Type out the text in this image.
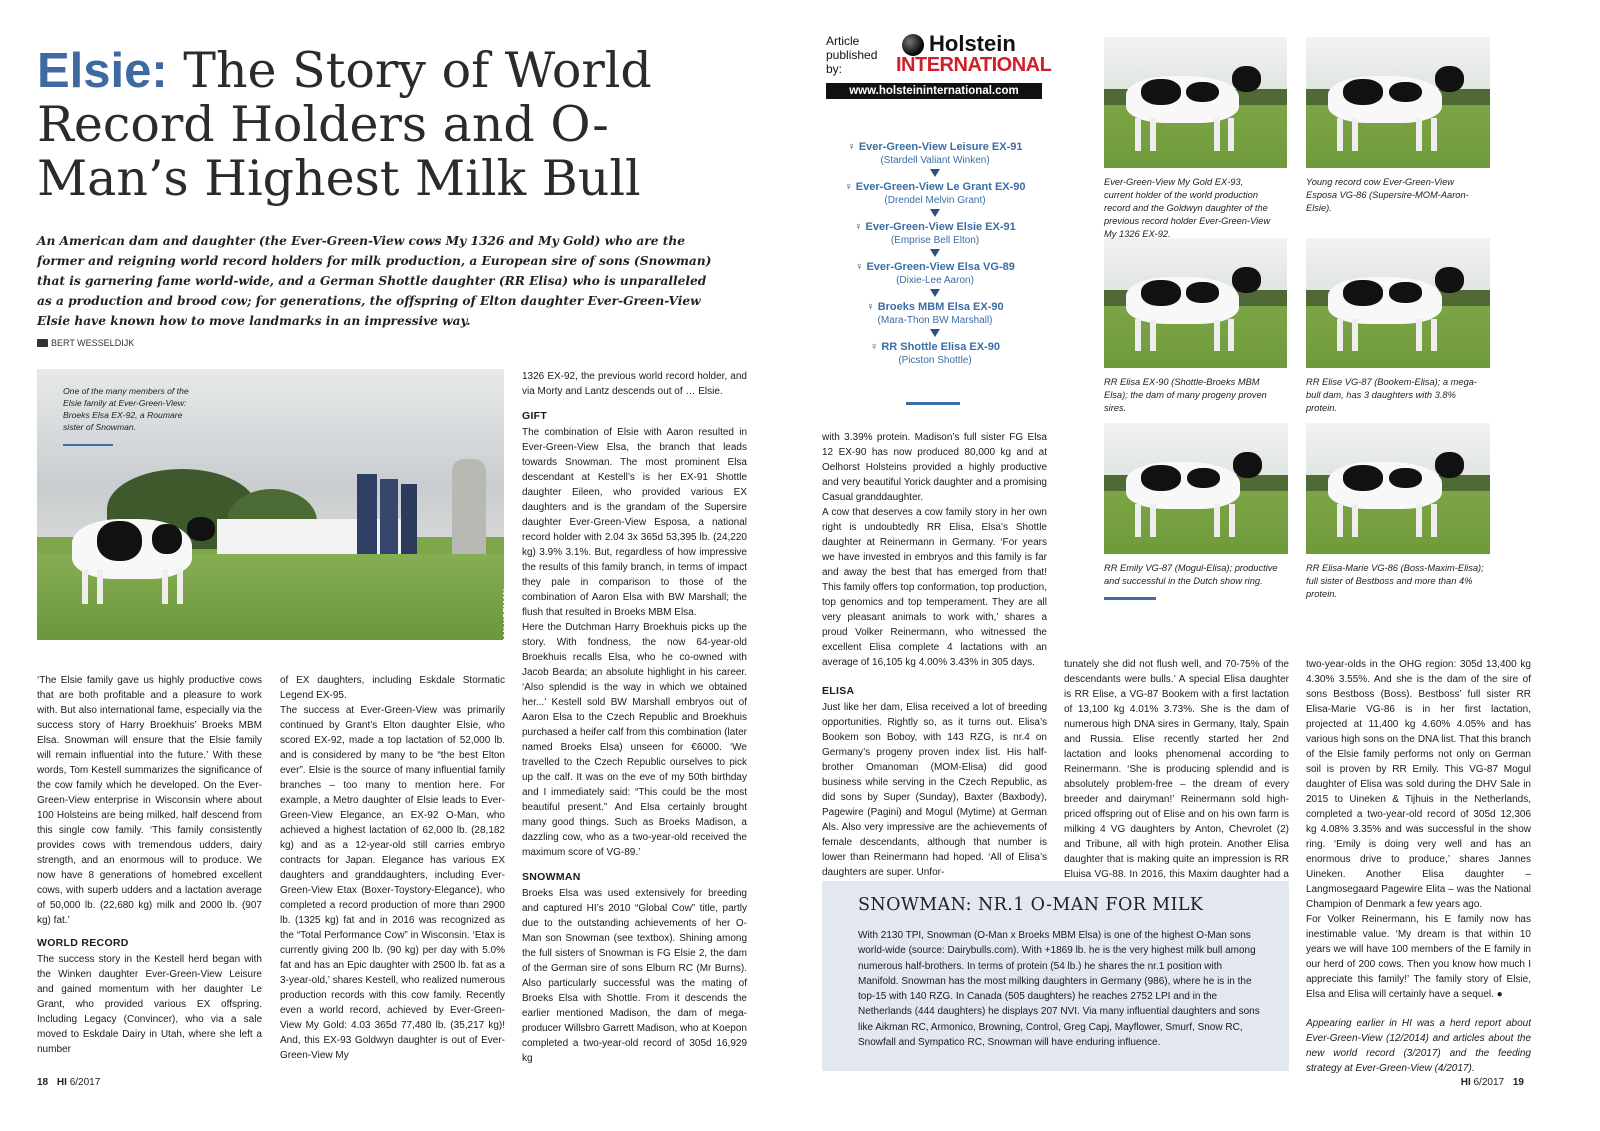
Elsie: The Story of World Record Holders and O-Man’s Highest Milk Bull

An American dam and daughter (the Ever-Green-View cows My 1326 and My Gold) who are the former and reigning world record holders for milk production, a European sire of sons (Snowman) that is garnering fame world-wide, and a German Shottle daughter (RR Elisa) who is unparalleled as a production and brood cow; for generations, the offspring of Elton daughter Ever-Green-View Elsie have known how to move landmarks in an impressive way.

BERT WESSELDIJK

One of the many members of the Elsie family at Ever-Green-View: Broeks Elsa EX-92, a Roumare sister of Snowman.

HAN HOPMAN

‘The Elsie family gave us highly productive cows that are both profitable and a pleasure to work with. But also international fame, especially via the success story of Harry Broekhuis’ Broeks MBM Elsa. Snowman will ensure that the Elsie family will remain influential into the future.’ With these words, Tom Kestell summarizes the significance of the cow family which he developed. On the Ever-Green-View enterprise in Wisconsin where about 100 Holsteins are being milked, half descend from this single cow family. ‘This family consistently provides cows with tremendous udders, dairy strength, and an enormous will to produce. We now have 8 generations of homebred excellent cows, with superb udders and a lactation average of 50,000 lb. (22,680 kg) milk and 2000 lb. (907 kg) fat.’

WORLD RECORD

The success story in the Kestell herd began with the Winken daughter Ever-Green-View Leisure and gained momentum with her daughter Le Grant, who provided various EX offspring. Including Legacy (Convincer), who via a sale moved to Eskdale Dairy in Utah, where she left a number

of EX daughters, including Eskdale Stormatic Legend EX-95.

The success at Ever-Green-View was primarily continued by Grant’s Elton daughter Elsie, who scored EX-92, made a top lactation of 52,000 lb. and is considered by many to be “the best Elton ever”. Elsie is the source of many influential family branches – too many to mention here. For example, a Metro daughter of Elsie leads to Ever-Green-View Elegance, an EX-92 O-Man, who achieved a highest lactation of 62,000 lb. (28,182 kg) and as a 12-year-old still carries embryo contracts for Japan. Elegance has various EX daughters and granddaughters, including Ever-Green-View Etax (Boxer-Toystory-Elegance), who completed a record production of more than 2900 lb. (1325 kg) fat and in 2016 was recognized as the “Total Performance Cow” in Wisconsin. ‘Etax is currently giving 200 lb. (90 kg) per day with 5.0% fat and has an Epic daughter with 2500 lb. fat as a 3-year-old,’ shares Kestell, who realized numerous production records with this cow family. Recently even a world record, achieved by Ever-Green-View My Gold: 4.03 365d 77,480 lb. (35,217 kg)! And, this EX-93 Goldwyn daughter is out of Ever-Green-View My

1326 EX-92, the previous world record holder, and via Morty and Lantz descends out of … Elsie.

GIFT

The combination of Elsie with Aaron resulted in Ever-Green-View Elsa, the branch that leads towards Snowman. The most prominent Elsa descendant at Kestell’s is her EX-91 Shottle daughter Eileen, who provided various EX daughters and is the grandam of the Supersire daughter Ever-Green-View Esposa, a national record holder with 2.04 3x 365d 53,395 lb. (24,220 kg) 3.9% 3.1%. But, regardless of how impressive the results of this family branch, in terms of impact they pale in comparison to those of the combination of Aaron Elsa with BW Marshall; the flush that resulted in Broeks MBM Elsa.

Here the Dutchman Harry Broekhuis picks up the story. With fondness, the now 64-year-old Broekhuis recalls Elsa, who he co-owned with Jacob Bearda; an absolute highlight in his career. ‘Also splendid is the way in which we obtained her...’ Kestell sold BW Marshall embryos out of Aaron Elsa to the Czech Republic and Broekhuis purchased a heifer calf from this combination (later named Broeks Elsa) unseen for €6000. ‘We travelled to the Czech Republic ourselves to pick up the calf. It was on the eve of my 50th birthday and I immediately said: “This could be the most beautiful present.” And Elsa certainly brought many good things. Such as Broeks Madison, a dazzling cow, who as a two-year-old received the maximum score of VG-89.’

SNOWMAN

Broeks Elsa was used extensively for breeding and captured HI’s 2010 “Global Cow” title, partly due to the outstanding achievements of her O-Man son Snowman (see textbox). Shining among the full sisters of Snowman is FG Elsie 2, the dam of the German sire of sons Elburn RC (Mr Burns). Also particularly successful was the mating of Broeks Elsa with Shottle. From it descends the earlier mentioned Madison, the dam of mega-producer Willsbro Garrett Madison, who at Koepon completed a two-year-old record of 305d 16,929 kg

18 HI 6/2017
Article
published
by:
Holstein
INTERNATIONAL
www.holsteininternational.com
♀ Ever-Green-View Leisure EX-91
(Stardell Valiant Winken)
♀ Ever-Green-View Le Grant EX-90
(Drendel Melvin Grant)
♀ Ever-Green-View Elsie EX-91
(Emprise Bell Elton)
♀ Ever-Green-View Elsa VG-89
(Dixie-Lee Aaron)
♀ Broeks MBM Elsa EX-90
(Mara-Thon BW Marshall)
♀ RR Shottle Elisa EX-90
(Picston Shottle)

Ever-Green-View My Gold EX-93, current holder of the world production record and the Goldwyn daughter of the previous record holder Ever-Green-View My 1326 EX-92.

Young record cow Ever-Green-View Esposa VG-86 (Supersire-MOM-Aaron-Elsie).

RR Elisa EX-90 (Shottle-Broeks MBM Elsa); the dam of many progeny proven sires.

RR Elise VG-87 (Bookem-Elisa); a mega-bull dam, has 3 daughters with 3.8% protein.

RR Emily VG-87 (Mogul-Elisa); productive and successful in the Dutch show ring.

RR Elisa-Marie VG-86 (Boss-Maxim-Elisa); full sister of Bestboss and more than 4% protein.

with 3.39% protein. Madison’s full sister FG Elsa 12 EX-90 has now produced 80,000 kg and at Oelhorst Holsteins provided a highly productive and very beautiful Yorick daughter and a promising Casual granddaughter.

A cow that deserves a cow family story in her own right is undoubtedly RR Elisa, Elsa’s Shottle daughter at Reinermann in Germany. ‘For years we have invested in embryos and this family is far and away the best that has emerged from that! This family offers top conformation, top production, top genomics and top temperament. They are all very pleasant animals to work with,’ shares a proud Volker Reinermann, who witnessed the excellent Elisa complete 4 lactations with an average of 16,105 kg 4.00% 3.43% in 305 days.

ELISA

Just like her dam, Elisa received a lot of breeding opportunities. Rightly so, as it turns out. Elisa’s Bookem son Boboy, with 143 RZG, is nr.4 on Germany’s progeny proven index list. His half-brother Omanoman (MOM-Elisa) did good business while serving in the Czech Republic, as did sons by Super (Sunday), Baxter (Baxbody), Pagewire (Pagini) and Mogul (Mytime) at German Als. Also very impressive are the achievements of female descendants, although that number is lower than Reinermann had hoped. ‘All of Elisa’s daughters are super. Unfor-

tunately she did not flush well, and 70-75% of the descendants were bulls.’ A special Elisa daughter is RR Elise, a VG-87 Bookem with a first lactation of 13,100 kg 4.01% 3.73%. She is the dam of numerous high DNA sires in Germany, Italy, Spain and Russia. Elise recently started her 2nd lactation and looks phenomenal according to Reinermann. ‘She is producing splendid and is absolutely problem-free – the dream of every breeder and dairyman!’ Reinermann sold high-priced offspring out of Elise and on his own farm is milking 4 VG daughters by Anton, Chevrolet (2) and Tribune, all with high protein. Another Elisa daughter that is making quite an impression is RR Eluisa VG-88. In 2016, this Maxim daughter had a

two-year-olds in the OHG region: 305d 13,400 kg 4.30% 3.55%. And she is the dam of the sire of sons Bestboss (Boss). Bestboss’ full sister RR Elisa-Marie VG-86 is in her first lactation, projected at 11,400 kg 4.60% 4.05% and has various high sons on the DNA list. That this branch of the Elsie family performs not only on German soil is proven by RR Emily. This VG-87 Mogul daughter of Elisa was sold during the DHV Sale in 2015 to Uineken & Tijhuis in the Netherlands, completed a two-year-old record of 305d 12,306 kg 4.08% 3.35% and was successful in the show ring. ‘Emily is doing very well and has an enormous drive to produce,’ shares Jannes Uineken. Another Elisa daughter – Langmosegaard Pagewire Elita – was the National Champion of Denmark a few years ago.

For Volker Reinermann, his E family now has inestimable value. ‘My dream is that within 10 years we will have 100 members of the E family in our herd of 200 cows. Then you know how much I appreciate this family!’ The family story of Elsie, Elsa and Elisa will certainly have a sequel. ●

Appearing earlier in HI was a herd report about Ever-Green-View (12/2014) and articles about the new world record (3/2017) and the feeding strategy at Ever-Green-View (4/2017).

SNOWMAN: NR.1 O-MAN FOR MILK

With 2130 TPI, Snowman (O-Man x Broeks MBM Elsa) is one of the highest O-Man sons world-wide (source: Dairybulls.com). With +1869 lb. he is the very highest milk bull among numerous half-brothers. In terms of protein (54 lb.) he shares the nr.1 position with Manifold. Snowman has the most milking daughters in Germany (986), where he is in the top-15 with 140 RZG. In Canada (505 daughters) he reaches 2752 LPI and in the Netherlands (444 daughters) he displays 207 NVI. Via many influential daughters and sons like Aikman RC, Armonico, Browning, Control, Greg Capj, Mayflower, Smurf, Snow RC, Snowfall and Sympatico RC, Snowman will have enduring influence.

HI 6/2017 19
